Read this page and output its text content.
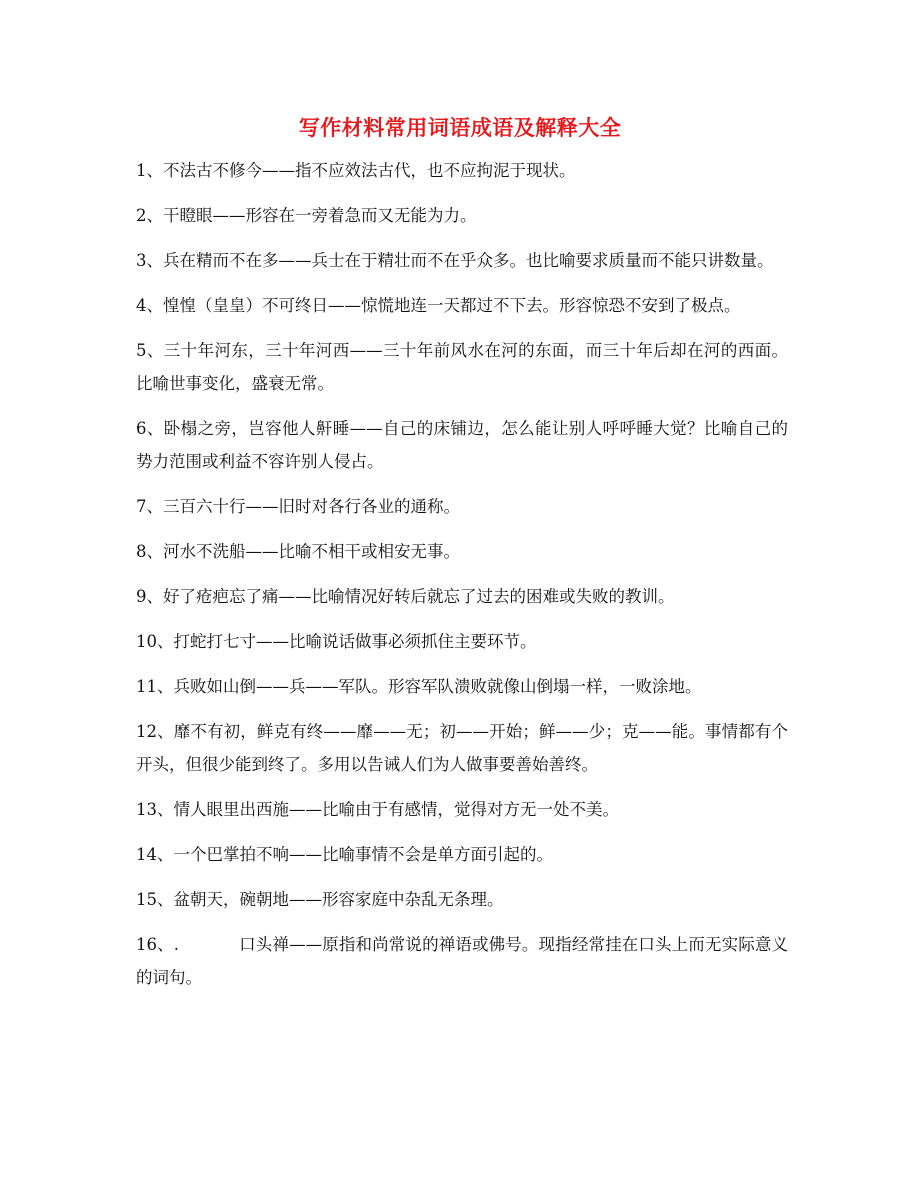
写作材料常用词语成语及解释大全

1、不法古不修今——指不应效法古代，也不应拘泥于现状。

2、干瞪眼——形容在一旁着急而又无能为力。

3、兵在精而不在多——兵士在于精壮而不在乎众多。也比喻要求质量而不能只讲数量。

4、惶惶（皇皇）不可终日——惊慌地连一天都过不下去。形容惊恐不安到了极点。

5、三十年河东，三十年河西——三十年前风水在河的东面，而三十年后却在河的西面。比喻世事变化，盛衰无常。

6、卧榻之旁，岂容他人鼾睡——自己的床铺边，怎么能让别人呼呼睡大觉？比喻自己的势力范围或利益不容许别人侵占。

7、三百六十行——旧时对各行各业的通称。

8、河水不洗船——比喻不相干或相安无事。

9、好了疮疤忘了痛——比喻情况好转后就忘了过去的困难或失败的教训。

10、打蛇打七寸——比喻说话做事必须抓住主要环节。

11、兵败如山倒——兵——军队。形容军队溃败就像山倒塌一样，一败涂地。

12、靡不有初，鲜克有终——靡——无；初——开始；鲜——少；克——能。事情都有个开头，但很少能到终了。多用以告诫人们为人做事要善始善终。

13、情人眼里出西施——比喻由于有感情，觉得对方无一处不美。

14、一个巴掌拍不响——比喻事情不会是单方面引起的。

15、盆朝天，碗朝地——形容家庭中杂乱无条理。

16、.	口头禅——原指和尚常说的禅语或佛号。现指经常挂在口头上而无实际意义的词句。
